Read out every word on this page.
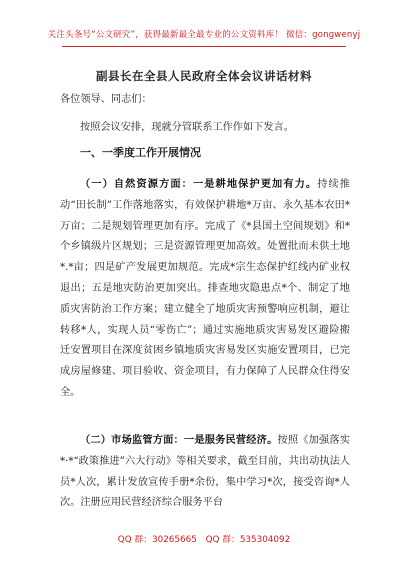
关注头条号“公文研究”，获得最新最全最专业的公文资料库！ 微信：gongwenyj
副县长在全县人民政府全体会议讲话材料
各位领导、同志们：
按照会议安排，现就分管联系工作作如下发言。
一、一季度工作开展情况
（一）自然资源方面：一是耕地保护更加有力。持续推动“田长制”工作落地落实，有效保护耕地*万亩、永久基本农田*万亩；二是规划管理更加有序。完成了《*县国土空间规划》和*个乡镇级片区规划；三是资源管理更加高效。处置批而未供土地*.*亩；四是矿产发展更加规范。完成*宗生态保护红线内矿业权退出；五是地灾防治更加突出。排查地灾隐患点*个、制定了地质灾害防治工作方案；建立健全了地质灾害预警响应机制，避让转移*人，实现人员“零伤亡”；通过实施地质灾害易发区避险搬迁安置项目在深度贫困乡镇地质灾害易发区实施安置项目，已完成房屋修建、项目验收、资金项目，有力保障了人民群众住得安全。
（二）市场监管方面：一是服务民营经济。按照《加强落实*·*“政策推进”六大行动》等相关要求，截至目前，共出动执法人员*人次，累计发放宣传手册*余份，集中学习*次，接受咨询*人次。注册应用民营经济综合服务平台
QQ 群：30265665 QQ 群：535304092
